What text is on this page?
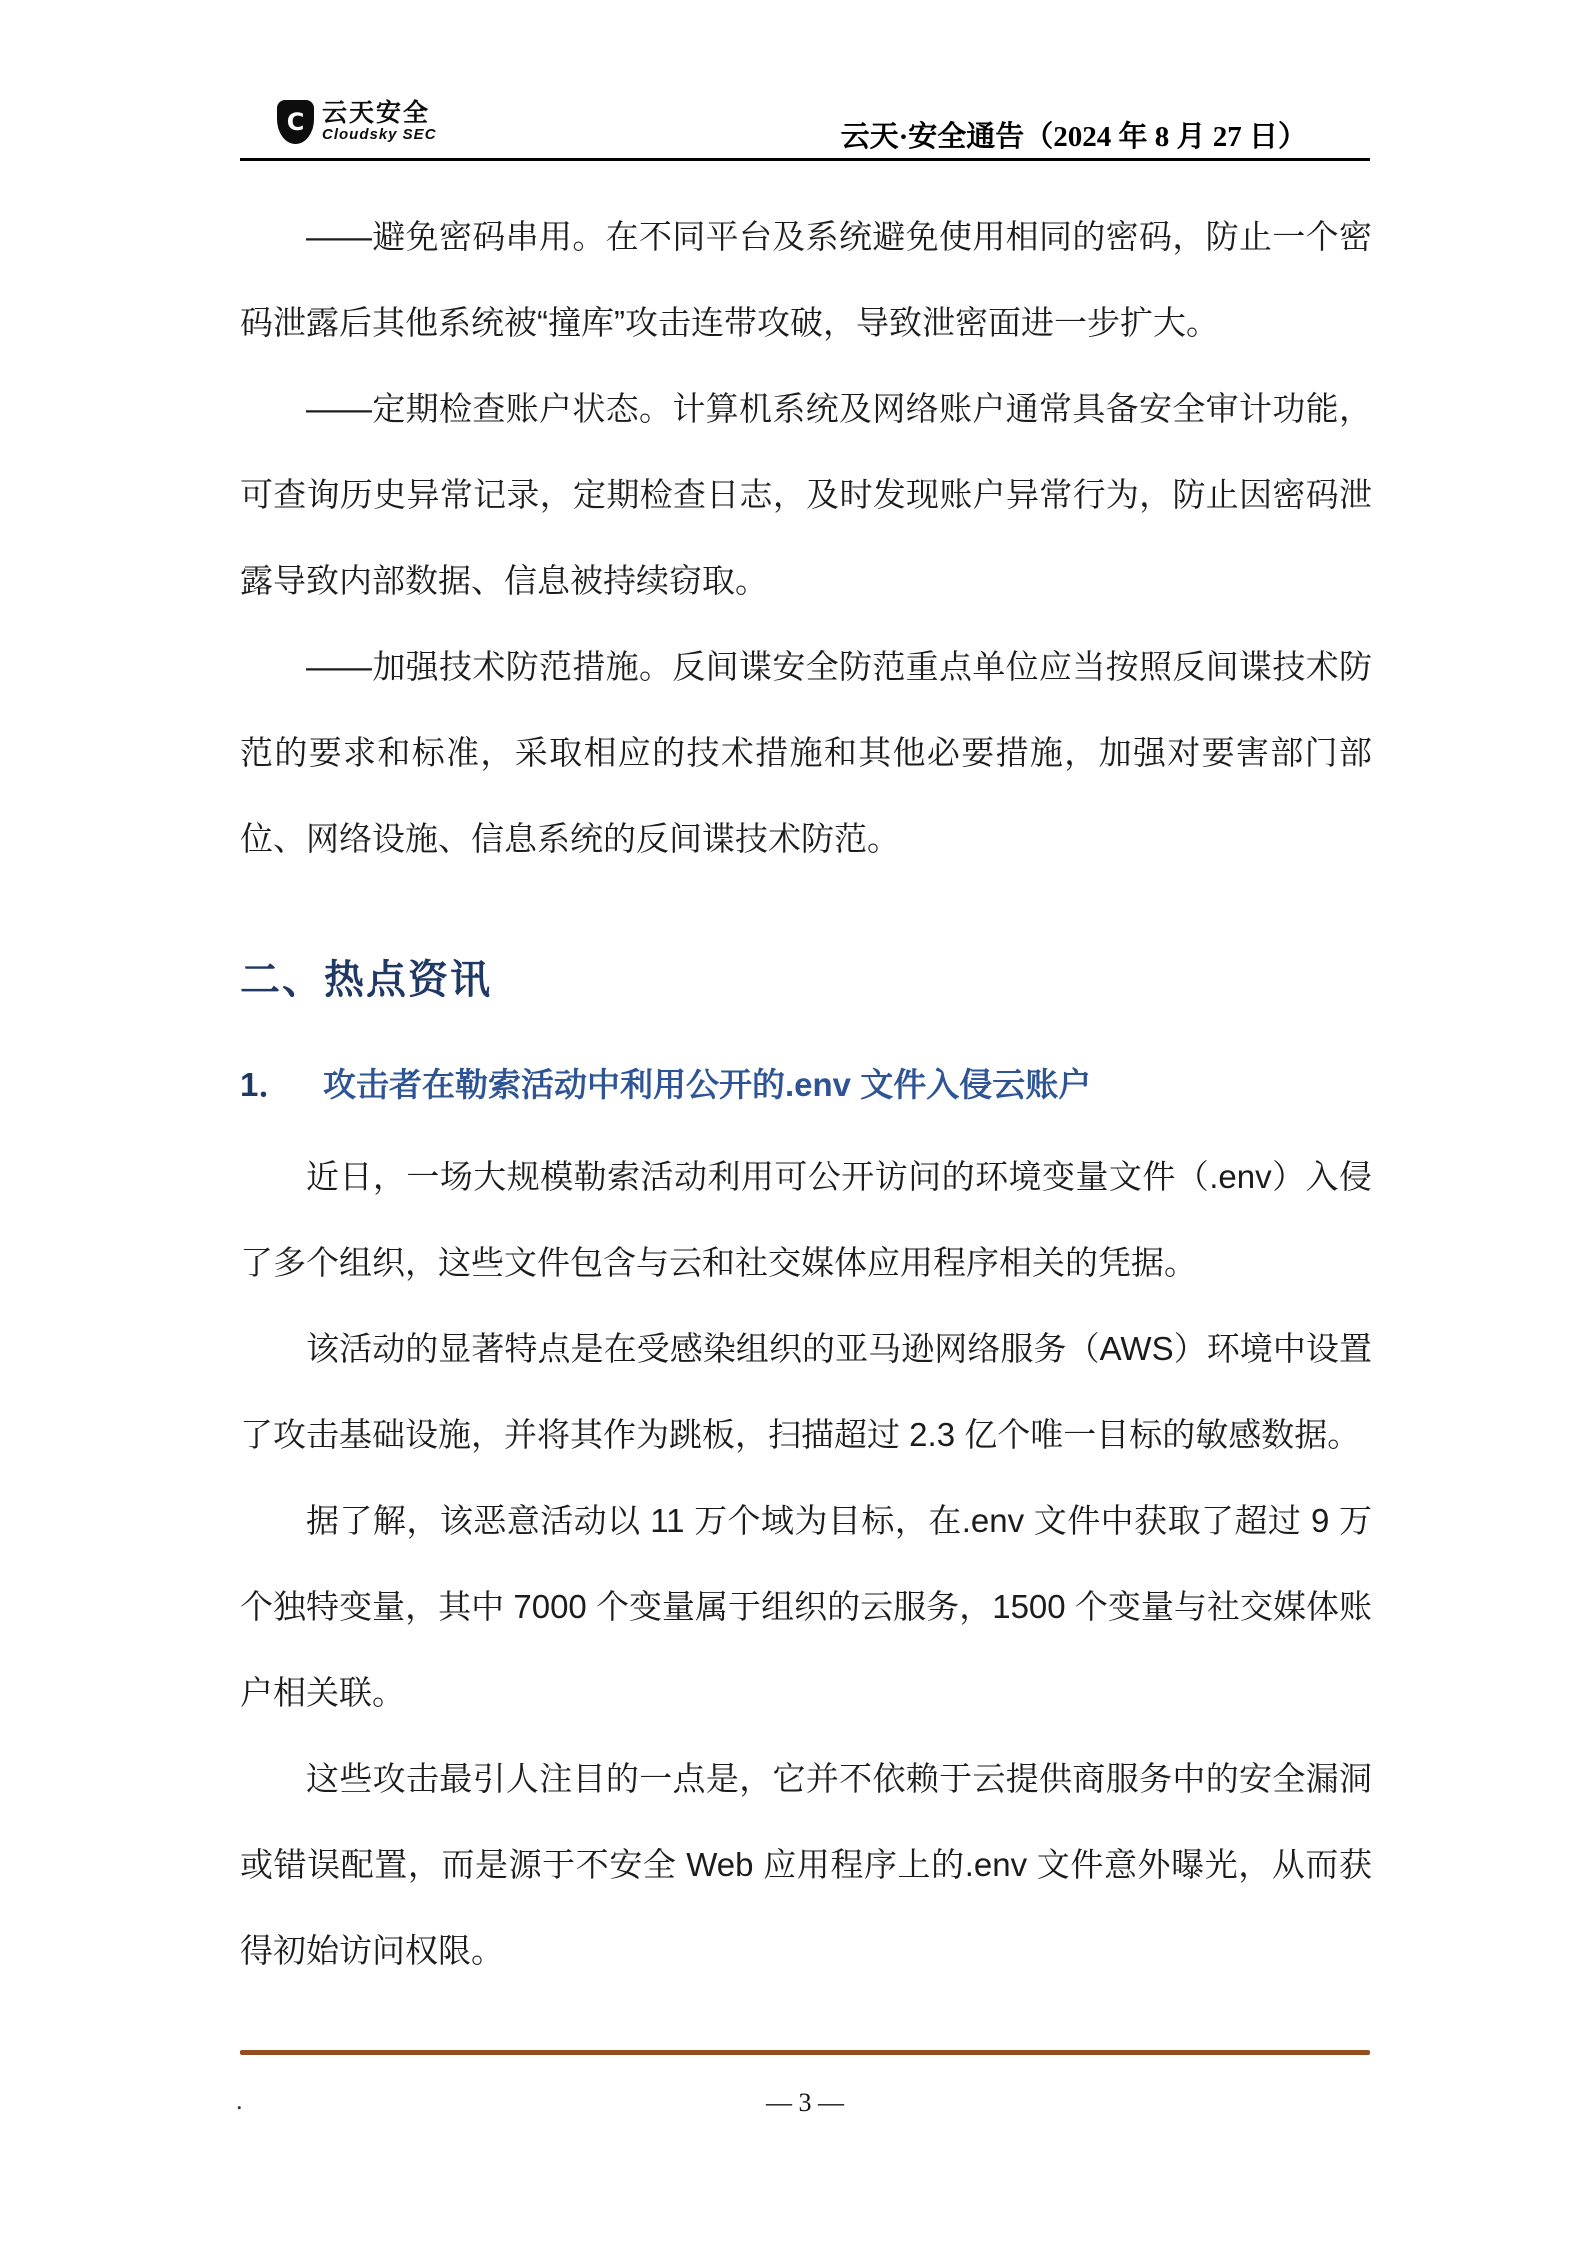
C 云天安全
Cloudsky SEC	云天·安全通告（2024 年 8 月 27 日）

——避免密码串用。在不同平台及系统避免使用相同的密码，防止一个密码泄露后其他系统被“撞库”攻击连带攻破，导致泄密面进一步扩大。

——定期检查账户状态。计算机系统及网络账户通常具备安全审计功能，可查询历史异常记录，定期检查日志，及时发现账户异常行为，防止因密码泄露导致内部数据、信息被持续窃取。

——加强技术防范措施。反间谍安全防范重点单位应当按照反间谍技术防范的要求和标准，采取相应的技术措施和其他必要措施，加强对要害部门部位、网络设施、信息系统的反间谍技术防范。

二、热点资讯
1． 攻击者在勒索活动中利用公开的.env 文件入侵云账户

近日，一场大规模勒索活动利用可公开访问的环境变量文件（.env）入侵了多个组织，这些文件包含与云和社交媒体应用程序相关的凭据。

该活动的显著特点是在受感染组织的亚马逊网络服务（AWS）环境中设置了攻击基础设施，并将其作为跳板，扫描超过 2.3 亿个唯一目标的敏感数据。

据了解，该恶意活动以 11 万个域为目标，在.env 文件中获取了超过 9 万个独特变量，其中 7000 个变量属于组织的云服务，1500 个变量与社交媒体账户相关联。

这些攻击最引人注目的一点是，它并不依赖于云提供商服务中的安全漏洞或错误配置，而是源于不安全 Web 应用程序上的.env 文件意外曝光，从而获得初始访问权限。

.	— 3 —
